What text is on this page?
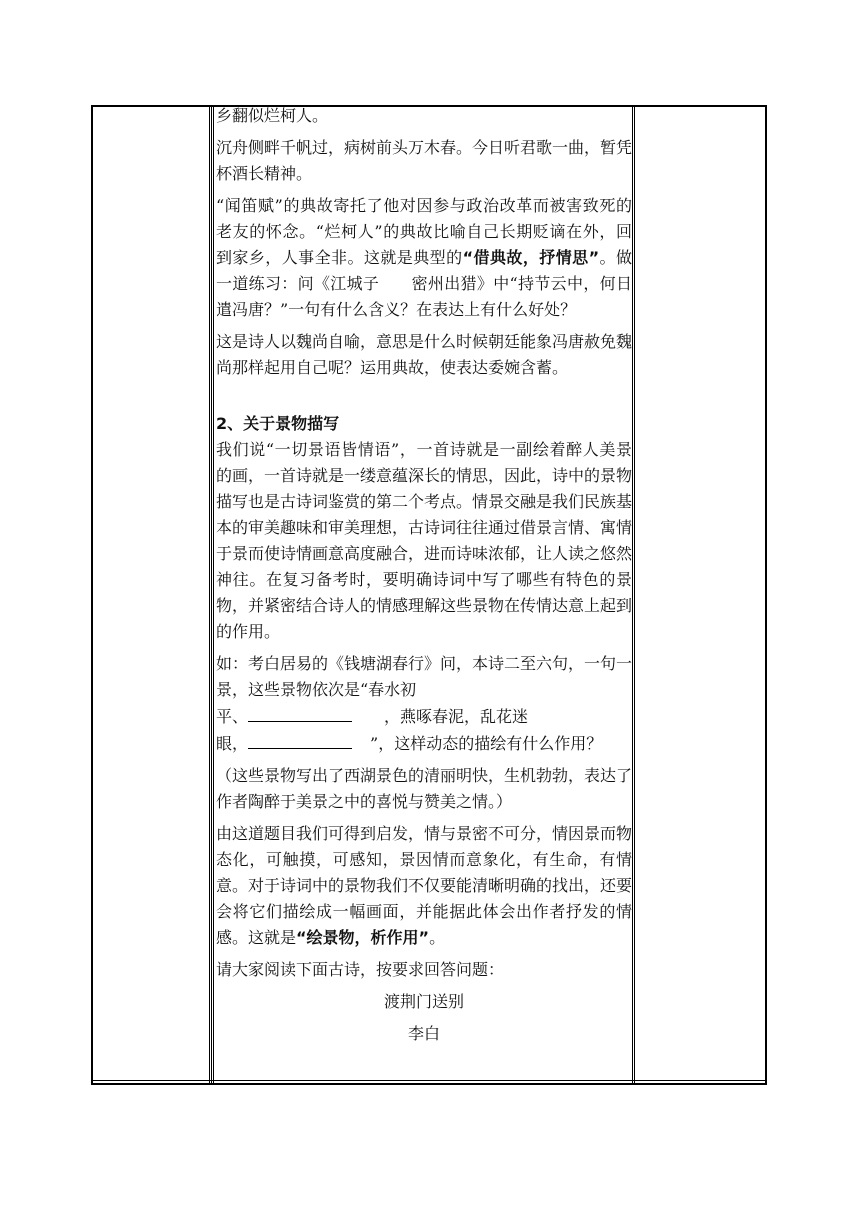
乡翻似烂柯人。

沉舟侧畔千帆过，病树前头万木春。今日听君歌一曲，暂凭杯酒长精神。

“闻笛赋”的典故寄托了他对因参与政治改革而被害致死的老友的怀念。“烂柯人”的典故比喻自己长期贬谪在外，回到家乡，人事全非。这就是典型的“借典故，抒情思”。做一道练习：问《江城子 密州出猎》中“持节云中，何日遣冯唐？”一句有什么含义？在表达上有什么好处？

这是诗人以魏尚自喻，意思是什么时候朝廷能象冯唐赦免魏尚那样起用自己呢？运用典故，使表达委婉含蓄。

2、关于景物描写

我们说“一切景语皆情语”，一首诗就是一副绘着醉人美景的画，一首诗就是一缕意蕴深长的情思，因此，诗中的景物描写也是古诗词鉴赏的第二个考点。情景交融是我们民族基本的审美趣味和审美理想，古诗词往往通过借景言情、寓情于景而使诗情画意高度融合，进而诗味浓郁，让人读之悠然神往。在复习备考时，要明确诗词中写了哪些有特色的景物，并紧密结合诗人的情感理解这些景物在传情达意上起到的作用。

如：考白居易的《钱塘湖春行》问，本诗二至六句，一句一景，这些景物依次是“春水初
平、	，燕啄春泥，乱花迷
眼，	”，这样动态的描绘有什么作用？

（这些景物写出了西湖景色的清丽明快，生机勃勃，表达了作者陶醉于美景之中的喜悦与赞美之情。）

由这道题目我们可得到启发，情与景密不可分，情因景而物态化，可触摸，可感知，景因情而意象化，有生命，有情意。对于诗词中的景物我们不仅要能清晰明确的找出，还要会将它们描绘成一幅画面，并能据此体会出作者抒发的情感。这就是“绘景物，析作用”。

请大家阅读下面古诗，按要求回答问题：

渡荆门送别

李白
